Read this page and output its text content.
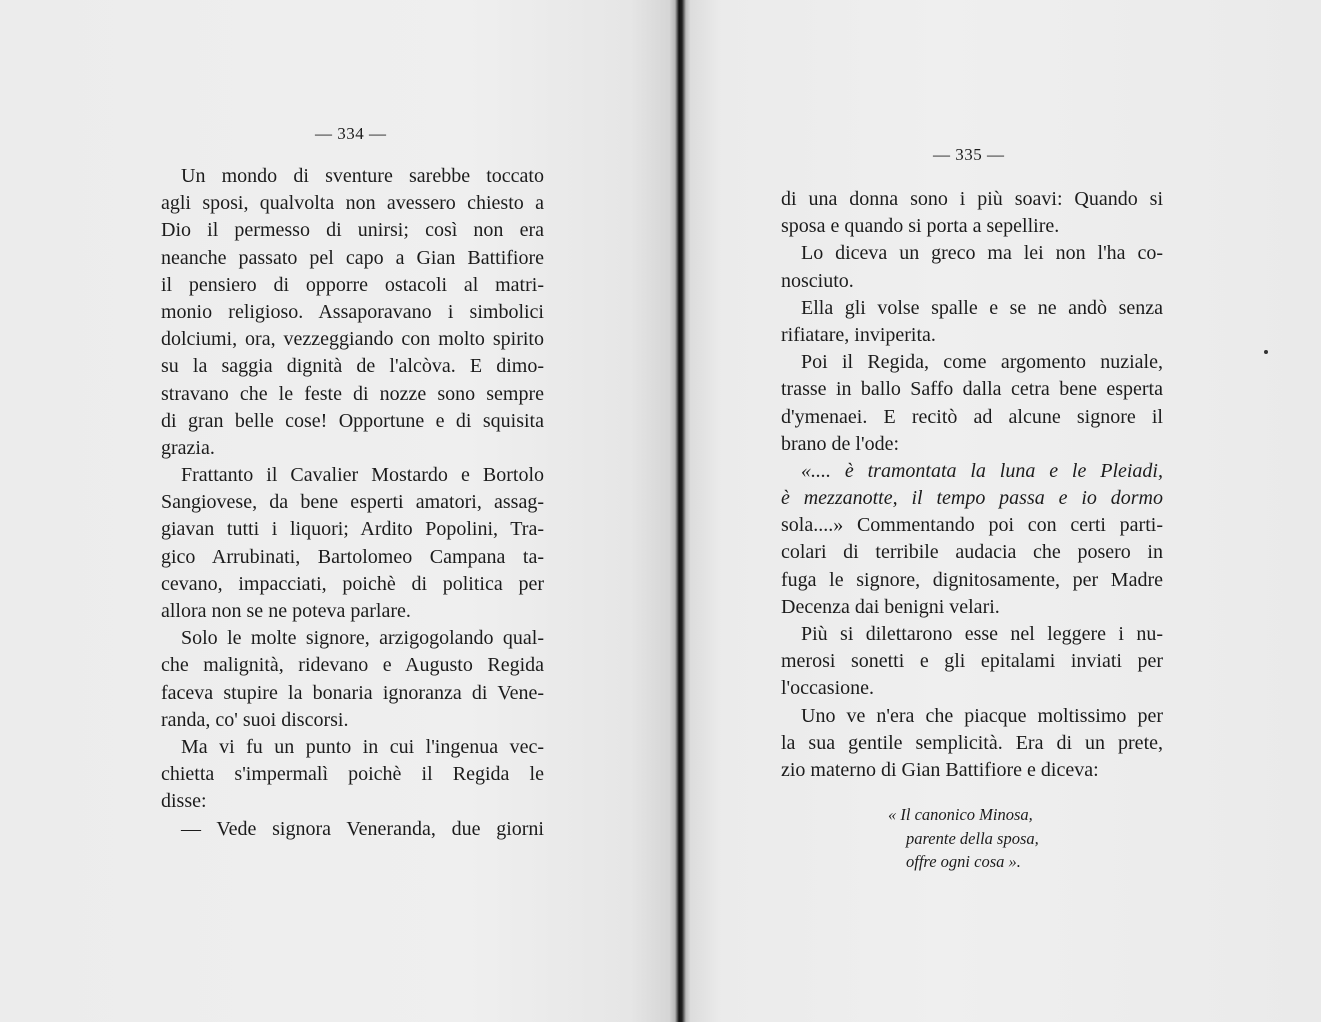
— 334 —
Un mondo di sventure sarebbe toccato
agli sposi, qualvolta non avessero chiesto a
Dio il permesso di unirsi; così non era
neanche passato pel capo a Gian Battifiore
il pensiero di opporre ostacoli al matri-
monio religioso. Assaporavano i simbolici
dolciumi, ora, vezzeggiando con molto spirito
su la saggia dignità de l'alcòva. E dimo-
stravano che le feste di nozze sono sempre
di gran belle cose! Opportune e di squisita
grazia.
Frattanto il Cavalier Mostardo e Bortolo
Sangiovese, da bene esperti amatori, assag-
giavan tutti i liquori; Ardito Popolini, Tra-
gico Arrubinati, Bartolomeo Campana ta-
cevano, impacciati, poichè di politica per
allora non se ne poteva parlare.
Solo le molte signore, arzigogolando qual-
che malignità, ridevano e Augusto Regida
faceva stupire la bonaria ignoranza di Vene-
randa, co' suoi discorsi.
Ma vi fu un punto in cui l'ingenua vec-
chietta s'impermalì poichè il Regida le
disse:
— Vede signora Veneranda, due giorni
— 335 —
di una donna sono i più soavi: Quando si
sposa e quando si porta a sepellire.
Lo diceva un greco ma lei non l'ha co-
nosciuto.
Ella gli volse spalle e se ne andò senza
rifiatare, inviperita.
Poi il Regida, come argomento nuziale,
trasse in ballo Saffo dalla cetra bene esperta
d'ymenaei. E recitò ad alcune signore il
brano de l'ode:
«.... è tramontata la luna e le Pleiadi,
è mezzanotte, il tempo passa e io dormo
sola....» Commentando poi con certi parti-
colari di terribile audacia che posero in
fuga le signore, dignitosamente, per Madre
Decenza dai benigni velari.
Più si dilettarono esse nel leggere i nu-
merosi sonetti e gli epitalami inviati per
l'occasione.
Uno ve n'era che piacque moltissimo per
la sua gentile semplicità. Era di un prete,
zio materno di Gian Battifiore e diceva:
« Il canonico Minosa,
parente della sposa,
offre ogni cosa ».
